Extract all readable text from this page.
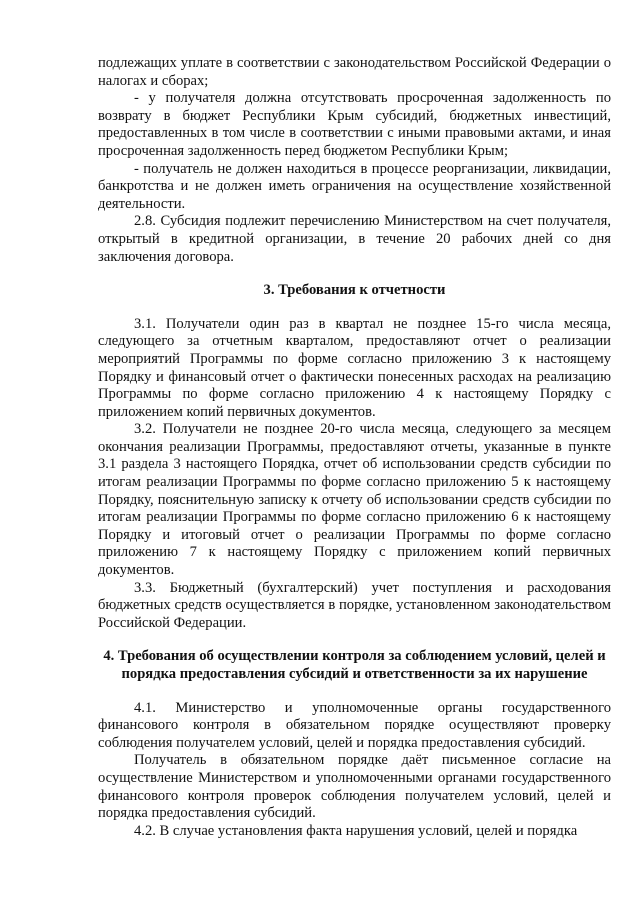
подлежащих уплате в соответствии с законодательством Российской Федерации о налогах и сборах;

- у получателя должна отсутствовать просроченная задолженность по возврату в бюджет Республики Крым субсидий, бюджетных инвестиций, предоставленных в том числе в соответствии с иными правовыми актами, и иная просроченная задолженность перед бюджетом Республики Крым;

- получатель не должен находиться в процессе реорганизации, ликвидации, банкротства и не должен иметь ограничения на осуществление хозяйственной деятельности.

2.8. Субсидия подлежит перечислению Министерством на счет получателя, открытый в кредитной организации, в течение 20 рабочих дней со дня заключения договора.

3. Требования к отчетности

3.1. Получатели один раз в квартал не позднее 15-го числа месяца, следующего за отчетным кварталом, предоставляют отчет о реализации мероприятий Программы по форме согласно приложению 3 к настоящему Порядку и финансовый отчет о фактически понесенных расходах на реализацию Программы по форме согласно приложению 4 к настоящему Порядку с приложением копий первичных документов.

3.2. Получатели не позднее 20-го числа месяца, следующего за месяцем окончания реализации Программы, предоставляют отчеты, указанные в пункте 3.1 раздела 3 настоящего Порядка, отчет об использовании средств субсидии по итогам реализации Программы по форме согласно приложению 5 к настоящему Порядку, пояснительную записку к отчету об использовании средств субсидии по итогам реализации Программы по форме согласно приложению 6 к настоящему Порядку и итоговый отчет о реализации Программы по форме согласно приложению 7 к настоящему Порядку с приложением копий первичных документов.

3.3. Бюджетный (бухгалтерский) учет поступления и расходования бюджетных средств осуществляется в порядке, установленном законодательством Российской Федерации.

4. Требования об осуществлении контроля за соблюдением условий, целей и порядка предоставления субсидий и ответственности за их нарушение

4.1. Министерство и уполномоченные органы государственного финансового контроля в обязательном порядке осуществляют проверку соблюдения получателем условий, целей и порядка предоставления субсидий.

Получатель в обязательном порядке даёт письменное согласие на осуществление Министерством и уполномоченными органами государственного финансового контроля проверок соблюдения получателем условий, целей и порядка предоставления субсидий.

4.2. В случае установления факта нарушения условий, целей и порядка
